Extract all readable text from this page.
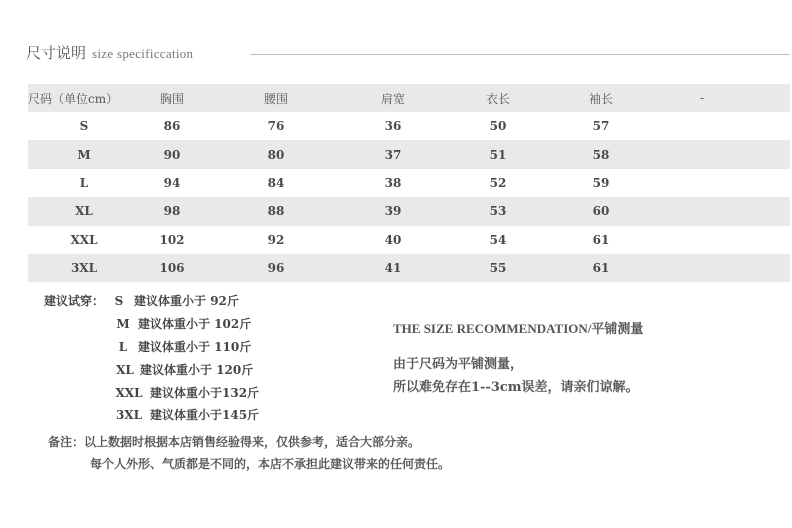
尺寸说明 size specificcation
尺码（单位cm）	胸围	腰围	肩宽	衣长	袖长	-
S	86	76	36	50	57
M	90	80	37	51	58
L	94	84	38	52	59
XL	98	88	39	53	60
XXL	102	92	40	54	61
3XL	106	96	41	55	61
建议试穿： S 建议体重小于 92斤
M 建议体重小于 102斤
L 建议体重小于 110斤
XL 建议体重小于 120斤
XXL 建议体重小于132斤
3XL 建议体重小于145斤
THE SIZE RECOMMENDATION/平铺测量
由于尺码为平铺测量，
所以难免存在1--3cm误差，请亲们谅解。
备注：以上数据时根据本店销售经验得来，仅供参考，适合大部分亲。
每个人外形、气质都是不同的，本店不承担此建议带来的任何责任。
